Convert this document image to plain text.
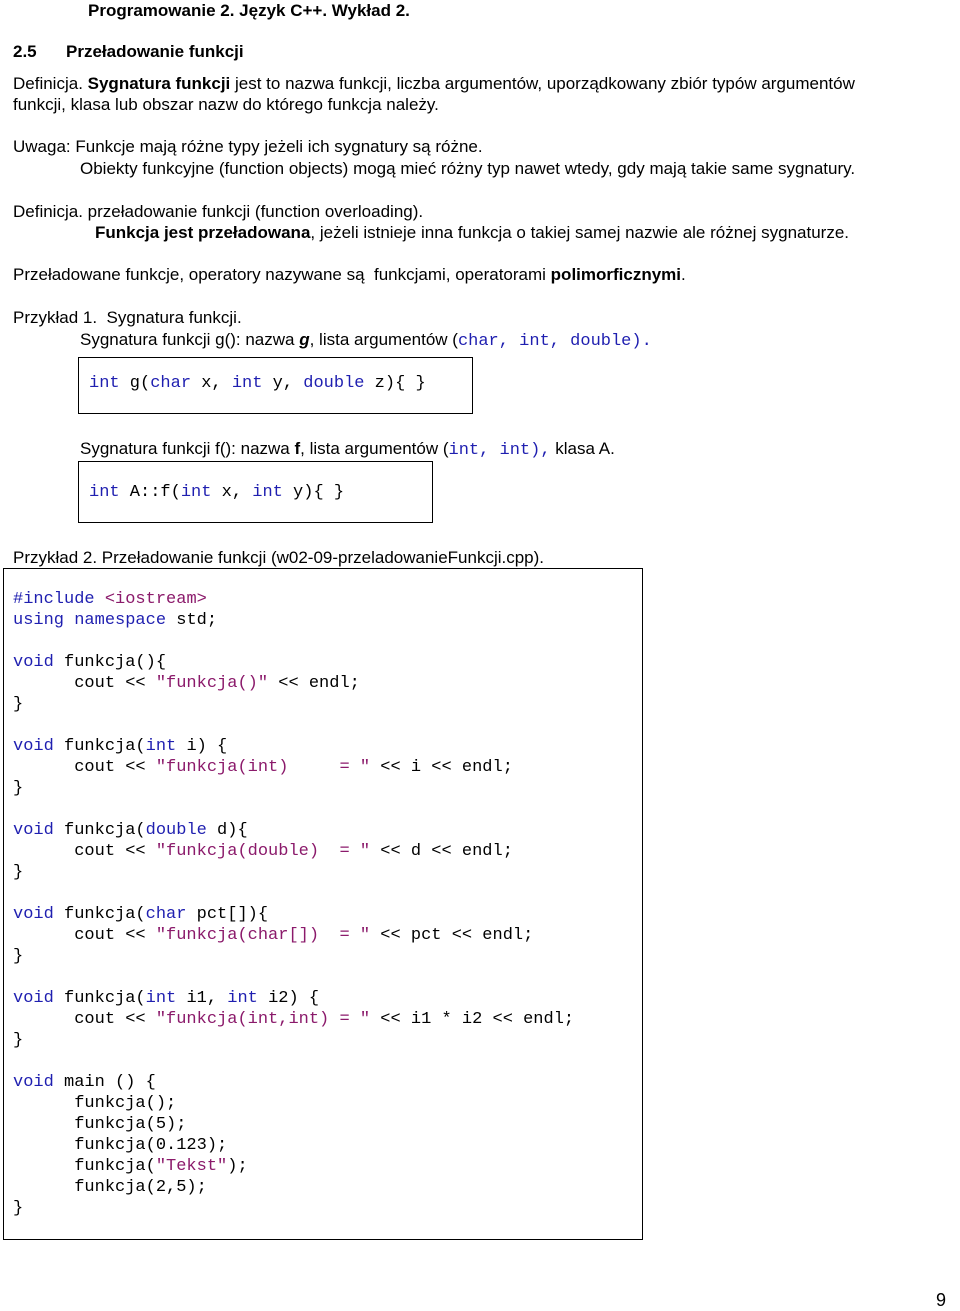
Programowanie 2. Język C++. Wykład 2.
2.5 Przeładowanie funkcji
Definicja. Sygnatura funkcji jest to nazwa funkcji, liczba argumentów, uporządkowany zbiór typów argumentów
funkcji, klasa lub obszar nazw do którego funkcja należy.
Uwaga: Funkcje mają różne typy jeżeli ich sygnatury są różne.
Obiekty funkcyjne (function objects) mogą mieć różny typ nawet wtedy, gdy mają takie same sygnatury.
Definicja. przeładowanie funkcji (function overloading).
Funkcja jest przeładowana, jeżeli istnieje inna funkcja o takiej samej nazwie ale różnej sygnaturze.
Przeładowane funkcje, operatory nazywane są  funkcjami, operatorami polimorficznymi.
Przykład 1.  Sygnatura funkcji.
Sygnatura funkcji g(): nazwa g, lista argumentów (char, int, double).
int g(char x, int y, double z){ }
Sygnatura funkcji f(): nazwa f, lista argumentów (int, int), klasa A.
int A::f(int x, int y){ }
Przykład 2. Przeładowanie funkcji (w02-09-przeladowanieFunkcji.cpp).
#include <iostream>
using namespace std;

void funkcja(){
cout << "funkcja()" << endl;
}

void funkcja(int i) {
cout << "funkcja(int)     = " << i << endl;
}

void funkcja(double d){
cout << "funkcja(double)  = " << d << endl;
}

void funkcja(char pct[]){
cout << "funkcja(char[])  = " << pct << endl;
}

void funkcja(int i1, int i2) {
cout << "funkcja(int,int) = " << i1 * i2 << endl;
}

void main () {
funkcja();
funkcja(5);
funkcja(0.123);
funkcja("Tekst");
funkcja(2,5);
}
9
